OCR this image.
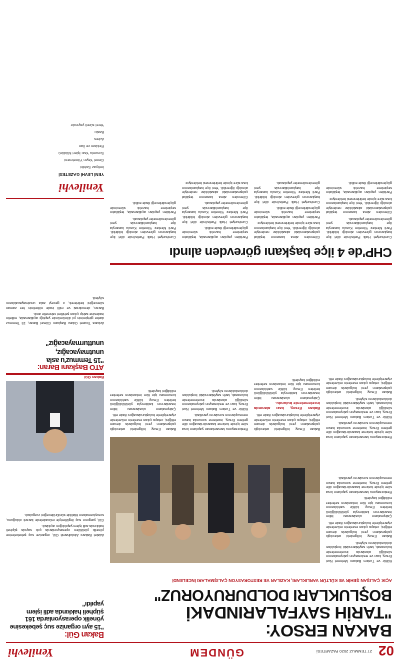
02
27 TEMMUZ 2020 PAZARTESİ
GÜNDEM
Yenilevhi
BAKAN ERSOY:
"TARİH SAYFALARINDAKİ
BOŞLUKLARI DOLDURUYORUZ"
AÇIK ÇALIŞAN ŞEHİR VE KÜLTÜR VARLIKLARI, KAZILAR VE RESTORASYON ÇALIŞMALARI İNCELENDİ
Bakan Gül:
"15 ayrı organize suç şebekesine yönelik operasyonlarda 161 şüpheli hakkında adli işlem yapıldı"

Kültür ve Turizm Bakanı Mehmet Nuri Ersoy, kazı ve restorasyon çalışmalarının sürdüğü alanlarda incelemelerde bulunarak, tarih sayfalarındaki boşlukları doldurduklarını söyledi.

Bakan Ersoy, bölgedeki arkeolojik çalışmaların yeni bulgularla devam ettiğini, ortaya çıkan eserlerin müzelerde ziyaretçilerle buluşturulacağını ifade etti.

Çalışmaların uluslararası bilim insanlarının katılımıyla yürütüldüğünü belirten Ersoy, kültür varlıklarının korunması için tüm imkanların seferber edildiğini kaydetti.

Restorasyonu tamamlanan yapıların kısa süre içinde turizme kazandırılacağını dile getiren Ersoy, inceleme sonunda basın mensuplarının sorularını yanıtladı.

Adalet Bakanı Abdulhamit Gül, organize suç şebekelerine yönelik yürütülen operasyonlarda çok sayıda şüpheli hakkında adli işlem yapıldığını açıkladı.

Gül, yargının suç örgütleriyle mücadelede kararlı olduğunu, soruşturmaların titizlikle sürdürüleceğini vurguladı.

Bakan Ersoy, bölgedeki arkeolojik çalışmaların yeni bulgularla devam ettiğini, ortaya çıkan eserlerin müzelerde ziyaretçilerle buluşturulacağını ifade etti.

Bakan Ersoy, kazı alanında incelemelerde bulundu.

Çalışmaların uluslararası bilim insanlarının katılımıyla yürütüldüğünü belirten Ersoy, kültür varlıklarının korunması için tüm imkanların seferber edildiğini kaydetti.

Restorasyonu tamamlanan yapıların kısa süre içinde turizme kazandırılacağını dile getiren Ersoy, inceleme sonunda basın mensuplarının sorularını yanıtladı.

Kültür ve Turizm Bakanı Mehmet Nuri Ersoy, kazı ve restorasyon çalışmalarının sürdüğü alanlarda incelemelerde bulunarak, tarih sayfalarındaki boşlukları doldurduklarını söyledi.

Bakan Ersoy, bölgedeki arkeolojik çalışmaların yeni bulgularla devam ettiğini, ortaya çıkan eserlerin müzelerde ziyaretçilerle buluşturulacağını ifade etti.

Çalışmaların uluslararası bilim insanlarının katılımıyla yürütüldüğünü belirten Ersoy, kültür varlıklarının korunması için tüm imkanların seferber edildiğini kaydetti.

Restorasyonu tamamlanan yapıların kısa süre içinde turizme kazandırılacağını dile getiren Ersoy, inceleme sonunda basın mensuplarının sorularını yanıtladı.

Kültür ve Turizm Bakanı Mehmet Nuri Ersoy, kazı ve restorasyon çalışmalarının sürdüğü alanlarda incelemelerde bulunarak, tarih sayfalarındaki boşlukları doldurduklarını söyledi.

Bakan Ersoy, bölgedeki arkeolojik çalışmaların yeni bulgularla devam ettiğini, ortaya çıkan eserlerin müzelerde ziyaretçilerle buluşturulacağını ifade etti.

ATO Başkanı Baran:
"15 Temmuz'u asla unutmayacağız, unutturmayacağız"

Ankara Ticaret Odası Başkanı Gürsel Baran, 15 Temmuz darbe girişiminin yıl dönümünde yaptığı açıklamada, milletin iradesine sahip çıkan şehitleri rahmetle andı.

Baran, demokrasi ve milli irade nöbetinin her zaman süreceğini belirterek, o geceyi asla unutmayacaklarını söyledi.

CHP'de 4 ilçe başkanı görevden alındı

Cumhuriyet Halk Partisi'nde dört ilçe başkanının görevden alındığı bildirildi. Parti Merkez Yönetim Kurulu kararıyla ilçe başkanlıklarında yeni görevlendirmeler yapılacak.

Görevden alma kararının teşkilat çalışmalarındaki aksaklıklar nedeniyle alındığı öğrenildi. Yeni ilçe başkanlarının kısa süre içinde belirlenmesi bekleniyor.

Partiden yapılan açıklamada, teşkilatın seçimlere hazırlık sürecinde güçlendirileceği ifade edildi.

Görevden alma kararının teşkilat çalışmalarındaki aksaklıklar nedeniyle alındığı öğrenildi. Yeni ilçe başkanlarının kısa süre içinde belirlenmesi bekleniyor.

Partiden yapılan açıklamada, teşkilatın seçimlere hazırlık sürecinde güçlendirileceği ifade edildi.

Cumhuriyet Halk Partisi'nde dört ilçe başkanının görevden alındığı bildirildi. Parti Merkez Yönetim Kurulu kararıyla ilçe başkanlıklarında yeni görevlendirmeler yapılacak.

Partiden yapılan açıklamada, teşkilatın seçimlere hazırlık sürecinde güçlendirileceği ifade edildi.

Cumhuriyet Halk Partisi'nde dört ilçe başkanının görevden alındığı bildirildi. Parti Merkez Yönetim Kurulu kararıyla ilçe başkanlıklarında yeni görevlendirmeler yapılacak.

Görevden alma kararının teşkilat çalışmalarındaki aksaklıklar nedeniyle alındığı öğrenildi. Yeni ilçe başkanlarının kısa süre içinde belirlenmesi bekleniyor.

Cumhuriyet Halk Partisi'nde dört ilçe başkanının görevden alındığı bildirildi. Parti Merkez Yönetim Kurulu kararıyla ilçe başkanlıklarında yeni görevlendirmeler yapılacak.

Partiden yapılan açıklamada, teşkilatın seçimlere hazırlık sürecinde güçlendirileceği ifade edildi.

Yenilevhi
YENİ LEVHİ GAZETESİ
İmtiyaz Sahibi
Genel Yayın Yönetmeni
Sorumlu Yazı İşleri Müdürü
Reklam ve İlan
Adres
Baskı
Yerel süreli yayındır
Bakan Gül
